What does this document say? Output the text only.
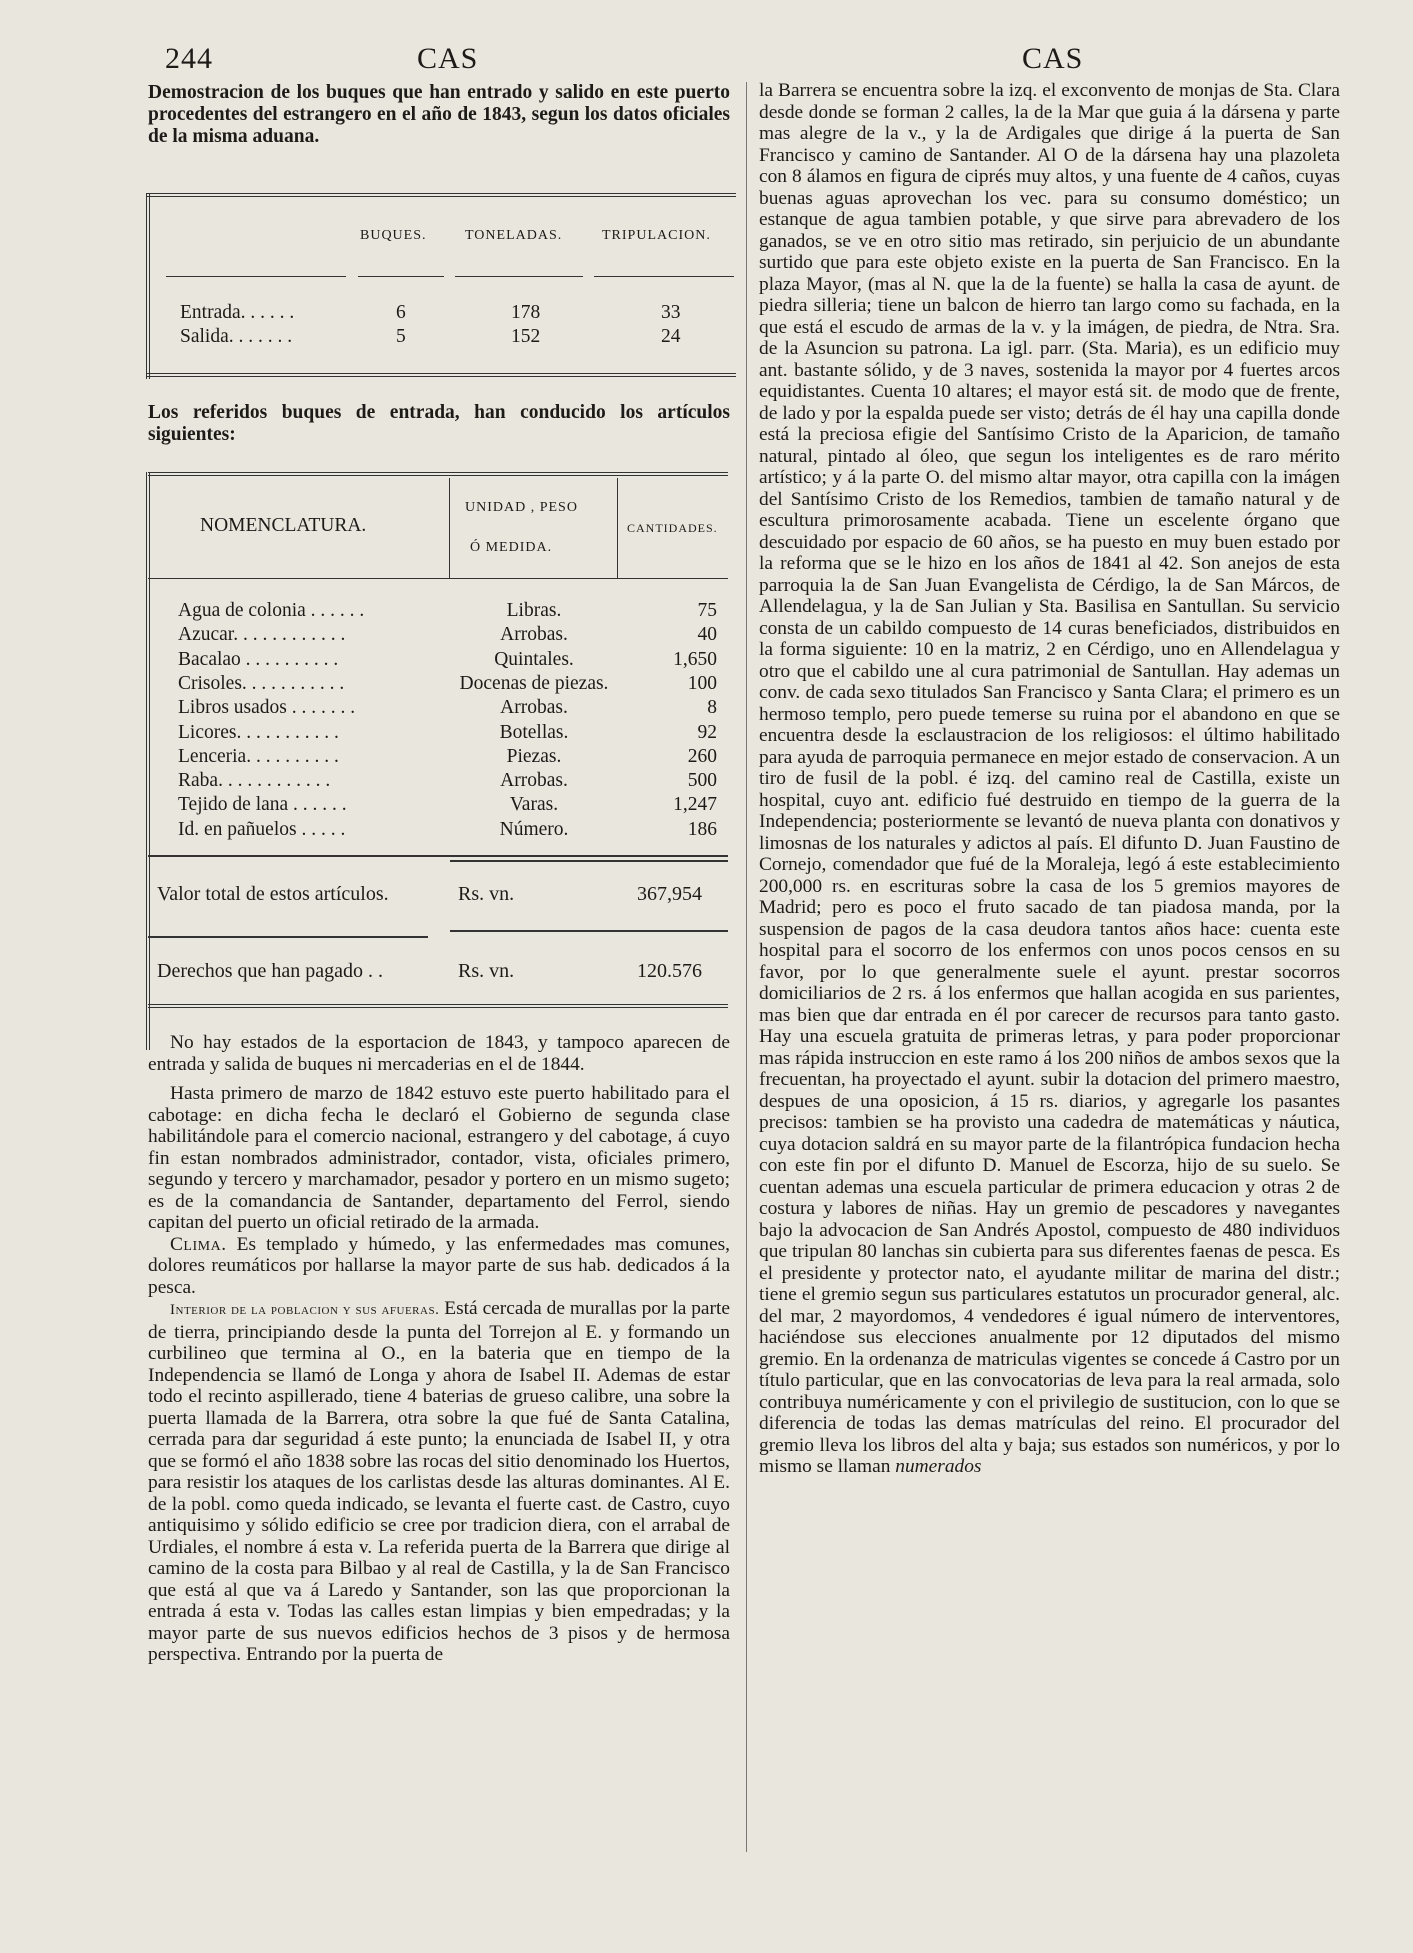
244	CAS	CAS
Demostracion de los buques que han entrado y salido en este puerto procedentes del estrangero en el año de 1843, segun los datos oficiales de la misma aduana.
BUQUES.	TONELADAS.	TRIPULACION.
Entrada. . . . . .	6	178	33
Salida. . . . . . .	5	152	24
Los referidos buques de entrada, han conducido los artículos siguientes:
NOMENCLATURA.
UNIDAD , PESO
Ó MEDIDA.
CANTIDADES.
Agua de colonia . . . . . .	Libras.	75
Azucar. . . . . . . . . . . .	Arrobas.	40
Bacalao . . . . . . . . . .	Quintales.	1,650
Crisoles. . . . . . . . . . .	Docenas de piezas.	100
Libros usados . . . . . . .	Arrobas.	8
Licores. . . . . . . . . . .	Botellas.	92
Lenceria. . . . . . . . . .	Piezas.	260
Raba. . . . . . . . . . . .	Arrobas.	500
Tejido de lana . . . . . .	Varas.	1,247
Id. en pañuelos . . . . .	Número.	186
Valor total de estos artículos.	Rs. vn.	367,954
Derechos que han pagado . .	Rs. vn.	120.576

No hay estados de la esportacion de 1843, y tampoco aparecen de entrada y salida de buques ni mercaderias en el de 1844.

Hasta primero de marzo de 1842 estuvo este puerto habilitado para el cabotage: en dicha fecha le declaró el Gobierno de segunda clase habilitándole para el comercio nacional, estrangero y del cabotage, á cuyo fin estan nombrados administrador, contador, vista, oficiales primero, segundo y tercero y marchamador, pesador y portero en un mismo sugeto; es de la comandancia de Santander, departamento del Ferrol, siendo capitan del puerto un oficial retirado de la armada.

Clima. Es templado y húmedo, y las enfermedades mas comunes, dolores reumáticos por hallarse la mayor parte de sus hab. dedicados á la pesca.

Interior de la poblacion y sus afueras. Está cercada de murallas por la parte de tierra, principiando desde la punta del Torrejon al E. y formando un curbilineo que termina al O., en la bateria que en tiempo de la Independencia se llamó de Longa y ahora de Isabel II. Ademas de estar todo el recinto aspillerado, tiene 4 baterias de grueso calibre, una sobre la puerta llamada de la Barrera, otra sobre la que fué de Santa Catalina, cerrada para dar seguridad á este punto; la enunciada de Isabel II, y otra que se formó el año 1838 sobre las rocas del sitio denominado los Huertos, para resistir los ataques de los carlistas desde las alturas dominantes. Al E. de la pobl. como queda indicado, se levanta el fuerte cast. de Castro, cuyo antiquisimo y sólido edificio se cree por tradicion diera, con el arrabal de Urdiales, el nombre á esta v. La referida puerta de la Barrera que dirige al camino de la costa para Bilbao y al real de Castilla, y la de San Francisco que está al que va á Laredo y Santander, son las que proporcionan la entrada á esta v. Todas las calles estan limpias y bien empedradas; y la mayor parte de sus nuevos edificios hechos de 3 pisos y de hermosa perspectiva. Entrando por la puerta de

la Barrera se encuentra sobre la izq. el exconvento de monjas de Sta. Clara desde donde se forman 2 calles, la de la Mar que guia á la dársena y parte mas alegre de la v., y la de Ardigales que dirige á la puerta de San Francisco y camino de Santander. Al O de la dársena hay una plazoleta con 8 álamos en figura de ciprés muy altos, y una fuente de 4 caños, cuyas buenas aguas aprovechan los vec. para su consumo doméstico; un estanque de agua tambien potable, y que sirve para abrevadero de los ganados, se ve en otro sitio mas retirado, sin perjuicio de un abundante surtido que para este objeto existe en la puerta de San Francisco. En la plaza Mayor, (mas al N. que la de la fuente) se halla la casa de ayunt. de piedra silleria; tiene un balcon de hierro tan largo como su fachada, en la que está el escudo de armas de la v. y la imágen, de piedra, de Ntra. Sra. de la Asuncion su patrona. La igl. parr. (Sta. Maria), es un edificio muy ant. bastante sólido, y de 3 naves, sostenida la mayor por 4 fuertes arcos equidistantes. Cuenta 10 altares; el mayor está sit. de modo que de frente, de lado y por la espalda puede ser visto; detrás de él hay una capilla donde está la preciosa efigie del Santísimo Cristo de la Aparicion, de tamaño natural, pintado al óleo, que segun los inteligentes es de raro mérito artístico; y á la parte O. del mismo altar mayor, otra capilla con la imágen del Santísimo Cristo de los Remedios, tambien de tamaño natural y de escultura primorosamente acabada. Tiene un escelente órgano que descuidado por espacio de 60 años, se ha puesto en muy buen estado por la reforma que se le hizo en los años de 1841 al 42. Son anejos de esta parroquia la de San Juan Evangelista de Cérdigo, la de San Márcos, de Allendelagua, y la de San Julian y Sta. Basilisa en Santullan. Su servicio consta de un cabildo compuesto de 14 curas beneficiados, distribuidos en la forma siguiente: 10 en la matriz, 2 en Cérdigo, uno en Allendelagua y otro que el cabildo une al cura patrimonial de Santullan. Hay ademas un conv. de cada sexo titulados San Francisco y Santa Clara; el primero es un hermoso templo, pero puede temerse su ruina por el abandono en que se encuentra desde la esclaustracion de los religiosos: el último habilitado para ayuda de parroquia permanece en mejor estado de conservacion. A un tiro de fusil de la pobl. é izq. del camino real de Castilla, existe un hospital, cuyo ant. edificio fué destruido en tiempo de la guerra de la Independencia; posteriormente se levantó de nueva planta con donativos y limosnas de los naturales y adictos al país. El difunto D. Juan Faustino de Cornejo, comendador que fué de la Moraleja, legó á este establecimiento 200,000 rs. en escrituras sobre la casa de los 5 gremios mayores de Madrid; pero es poco el fruto sacado de tan piadosa manda, por la suspension de pagos de la casa deudora tantos años hace: cuenta este hospital para el socorro de los enfermos con unos pocos censos en su favor, por lo que generalmente suele el ayunt. prestar socorros domiciliarios de 2 rs. á los enfermos que hallan acogida en sus parientes, mas bien que dar entrada en él por carecer de recursos para tanto gasto. Hay una escuela gratuita de primeras letras, y para poder proporcionar mas rápida instruccion en este ramo á los 200 niños de ambos sexos que la frecuentan, ha proyectado el ayunt. subir la dotacion del primero maestro, despues de una oposicion, á 15 rs. diarios, y agregarle los pasantes precisos: tambien se ha provisto una cadedra de matemáticas y náutica, cuya dotacion saldrá en su mayor parte de la filantrópica fundacion hecha con este fin por el difunto D. Manuel de Escorza, hijo de su suelo. Se cuentan ademas una escuela particular de primera educacion y otras 2 de costura y labores de niñas. Hay un gremio de pescadores y navegantes bajo la advocacion de San Andrés Apostol, compuesto de 480 individuos que tripulan 80 lanchas sin cubierta para sus diferentes faenas de pesca. Es el presidente y protector nato, el ayudante militar de marina del distr.; tiene el gremio segun sus particulares estatutos un procurador general, alc. del mar, 2 mayordomos, 4 vendedores é igual número de interventores, haciéndose sus elecciones anualmente por 12 diputados del mismo gremio. En la ordenanza de matriculas vigentes se concede á Castro por un título particular, que en las convocatorias de leva para la real armada, solo contribuya numéricamente y con el privilegio de sustitucion, con lo que se diferencia de todas las demas matrículas del reino. El procurador del gremio lleva los libros del alta y baja; sus estados son numéricos, y por lo mismo se llaman numerados
